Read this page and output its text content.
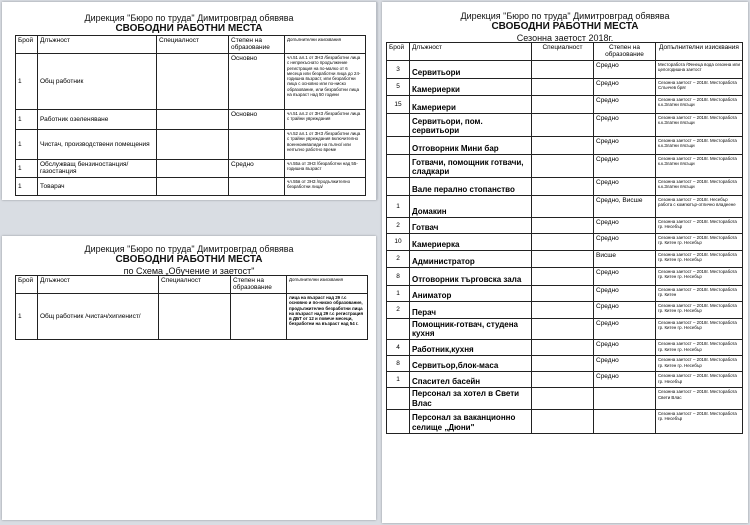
Дирекция "Бюро по труда" Димитровград обявява
СВОБОДНИ РАБОТНИ МЕСТА
Брой	Длъжност	Специалност	Степен на образование	Допълнителни изисквания
1	Общ работник		Основно	чл.51 ал.1 от ЗНЗ /безработни лица с непрекъснато продължение регистрация на по-малко от 6 месеца или безработни лица до 24-годишна възраст, или безработни лица с основно или по-ниско образование, или безработни лица на възраст над 50 години
1	Работник озеленяване		Основно	чл.51 ал.2 от ЗНЗ /безработни лица с трайни увреждания
1	Чистач, производствени помещения			чл.52 ал.1 от ЗНЗ /безработни лица с трайни увреждания включително военноинвалиди на пълно/ или непълно работно време
1	Обслужващ бензиностанция/газостанция		Средно	чл.55а от ЗНЗ /безработни над 55-годишна възраст
1	Товарач			чл.55в от ЗНЗ /продължително безработни лица/
Дирекция "Бюро по труда" Димитровград обявява
СВОБОДНИ РАБОТНИ МЕСТА
по Схема „Обучение и заетост"
Брой	Длъжност	Специалност	Степен на образование	Допълнителни изисквания
1	Общ работник /чистач/хигиенист/			лица на възраст над 29 г.с основно и по-ниско образование, продължително безработни лица на възраст над 29 г.с регистрация в ДБТ от 12 и повече месеци, безработни на възраст над 54 г.
Дирекция "Бюро по труда" Димитровград обявява
СВОБОДНИ РАБОТНИ МЕСТА
Сезонна заетост 2018г.
Брой	Длъжност	Специалност	Степен на образование	Допълнителни изисквания
3	Сервитьори		Средно	Месторабота /Фенеца вода сезонна или целогодишна заетост
5	Камериерки		Средно	Сезонна заетост – 2018г. Месторабота Слънчев бряг
15	Камериери		Средно	Сезонна заетост – 2018г. Месторабота к.к.Златни пясъци
	Сервитьори, пом. сервитьори		Средно	Сезонна заетост – 2018г. Месторабота к.к.Златни пясъци
	Отговорник Мини бар		Средно	Сезонна заетост – 2018г. Месторабота к.к.Златни пясъци
	Готвачи, помощник готвачи, сладкари		Средно	Сезонна заетост – 2018г. Месторабота к.к.Златни пясъци
	Вале перално стопанство		Средно	Сезонна заетост – 2018г. Месторабота к.к.Златни пясъци
1	Домакин		Средно, Висше	Сезонна заетост – 2018г. Несебър работа с компютър-отлично владеене
2	Готвач		Средно	Сезонна заетост – 2018г. Месторабота гр. Несебър
10	Камериерка		Средно	Сезонна заетост – 2018г. Месторабота гр. Китен гр. Несебър
2	Администратор		Висше	Сезонна заетост – 2018г. Месторабота гр. Китен гр. Несебър
8	Отговорник търговска зала		Средно	Сезонна заетост – 2018г. Месторабота гр. Китен гр. Несебър
1	Аниматор		Средно	Сезонна заетост – 2018г. Месторабота гр. Китен
2	Перач		Средно	Сезонна заетост – 2018г. Месторабота гр. Китен гр. Несебър
	Помощник-готвач, студена кухня		Средно	Сезонна заетост – 2018г. Месторабота гр. Китен гр. Несебър
4	Работник,кухня		Средно	Сезонна заетост – 2018г. Месторабота гр. Китен гр. Несебър
8	Сервитьор,блок-маса		Средно	Сезонна заетост – 2018г. Месторабота гр. Китен гр. Несебър
1	Спасител басейн		Средно	Сезонна заетост – 2018г. Месторабота гр. Несебър
	Персонал за хотел в Свети Влас			Сезонна заетост – 2018г. Месторабота Свети Влас
	Персонал за ваканционно селище „Дюни"			Сезонна заетост – 2018г. Месторабота гр. Несебър
